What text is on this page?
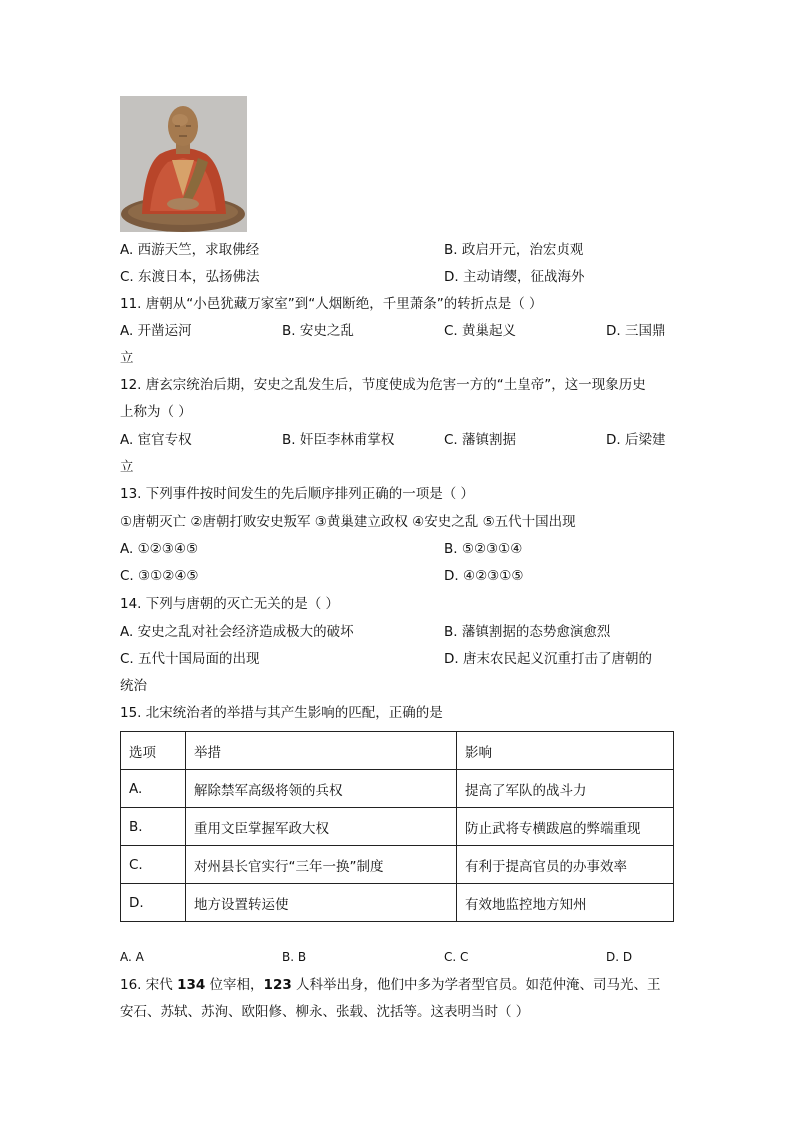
A. 西游天竺，求取佛经	B. 政启开元，治宏贞观
C. 东渡日本，弘扬佛法	D. 主动请缨，征战海外
11. 唐朝从“小邑犹藏万家室”到“人烟断绝，千里萧条”的转折点是（ ）
A. 开凿运河	B. 安史之乱	C. 黄巢起义	D. 三国鼎
立
12. 唐玄宗统治后期，安史之乱发生后，节度使成为危害一方的“土皇帝”，这一现象历史
上称为（ ）
A. 宦官专权	B. 奸臣李林甫掌权	C. 藩镇割据	D. 后梁建
立
13. 下列事件按时间发生的先后顺序排列正确的一项是（ ）
①唐朝灭亡 ②唐朝打败安史叛军 ③黄巢建立政权 ④安史之乱 ⑤五代十国出现
A. ①②③④⑤	B. ⑤②③①④
C. ③①②④⑤	D. ④②③①⑤
14. 下列与唐朝的灭亡无关的是（ ）
A. 安史之乱对社会经济造成极大的破坏	B. 藩镇割据的态势愈演愈烈
C. 五代十国局面的出现	D. 唐末农民起义沉重打击了唐朝的
统治
15. 北宋统治者的举措与其产生影响的匹配，正确的是
选项	举措	影响
A.	解除禁军高级将领的兵权	提高了军队的战斗力
B.	重用文臣掌握军政大权	防止武将专横跋扈的弊端重现
C.	对州县长官实行“三年一换”制度	有利于提高官员的办事效率
D.	地方设置转运使	有效地监控地方知州
A. A	B. B	C. C	D. D
16. 宋代 134 位宰相，123 人科举出身，他们中多为学者型官员。如范仲淹、司马光、王
安石、苏轼、苏洵、欧阳修、柳永、张载、沈括等。这表明当时（ ）
